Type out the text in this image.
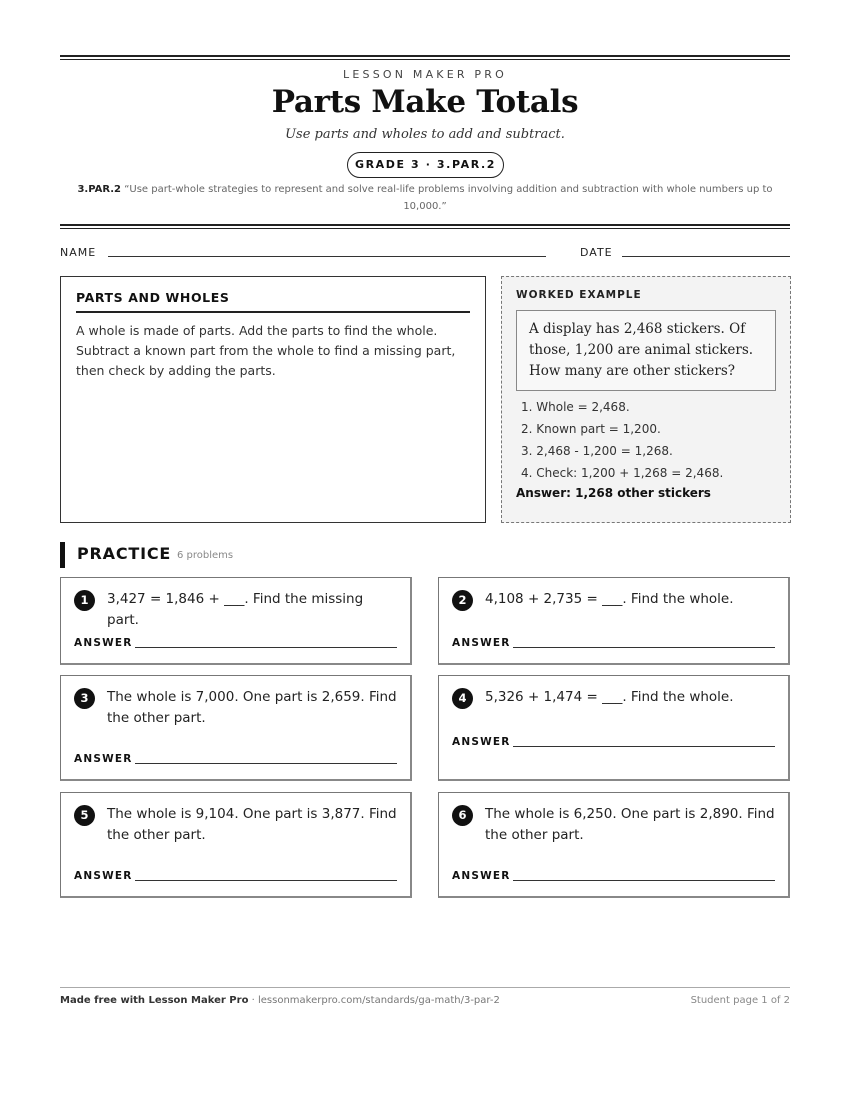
LESSON MAKER PRO
Parts Make Totals
Use parts and wholes to add and subtract.
GRADE 3 · 3.PAR.2
3.PAR.2 “Use part-whole strategies to represent and solve real-life problems involving addition and subtraction with whole numbers up to 10,000.”
NAME	DATE
PARTS AND WHOLES

A whole is made of parts. Add the parts to find the whole. Subtract a known part from the whole to find a missing part, then check by adding the parts.

WORKED EXAMPLE
A display has 2,468 stickers. Of those, 1,200 are animal stickers. How many are other stickers?
1. Whole = 2,468.
2. Known part = 1,200.
3. 2,468 - 1,200 = 1,268.
4. Check: 1,200 + 1,268 = 2,468.
Answer: 1,268 other stickers
PRACTICE 6 problems
1	3,427 = 1,846 + ___. Find the missing part.
ANSWER
2	4,108 + 2,735 = ___. Find the whole.
ANSWER
3	The whole is 7,000. One part is 2,659. Find the other part.
ANSWER
4	5,326 + 1,474 = ___. Find the whole.
ANSWER
5	The whole is 9,104. One part is 3,877. Find the other part.
ANSWER
6	The whole is 6,250. One part is 2,890. Find the other part.
ANSWER
Made free with Lesson Maker Pro · lessonmakerpro.com/standards/ga-math/3-par-2	Student page 1 of 2
